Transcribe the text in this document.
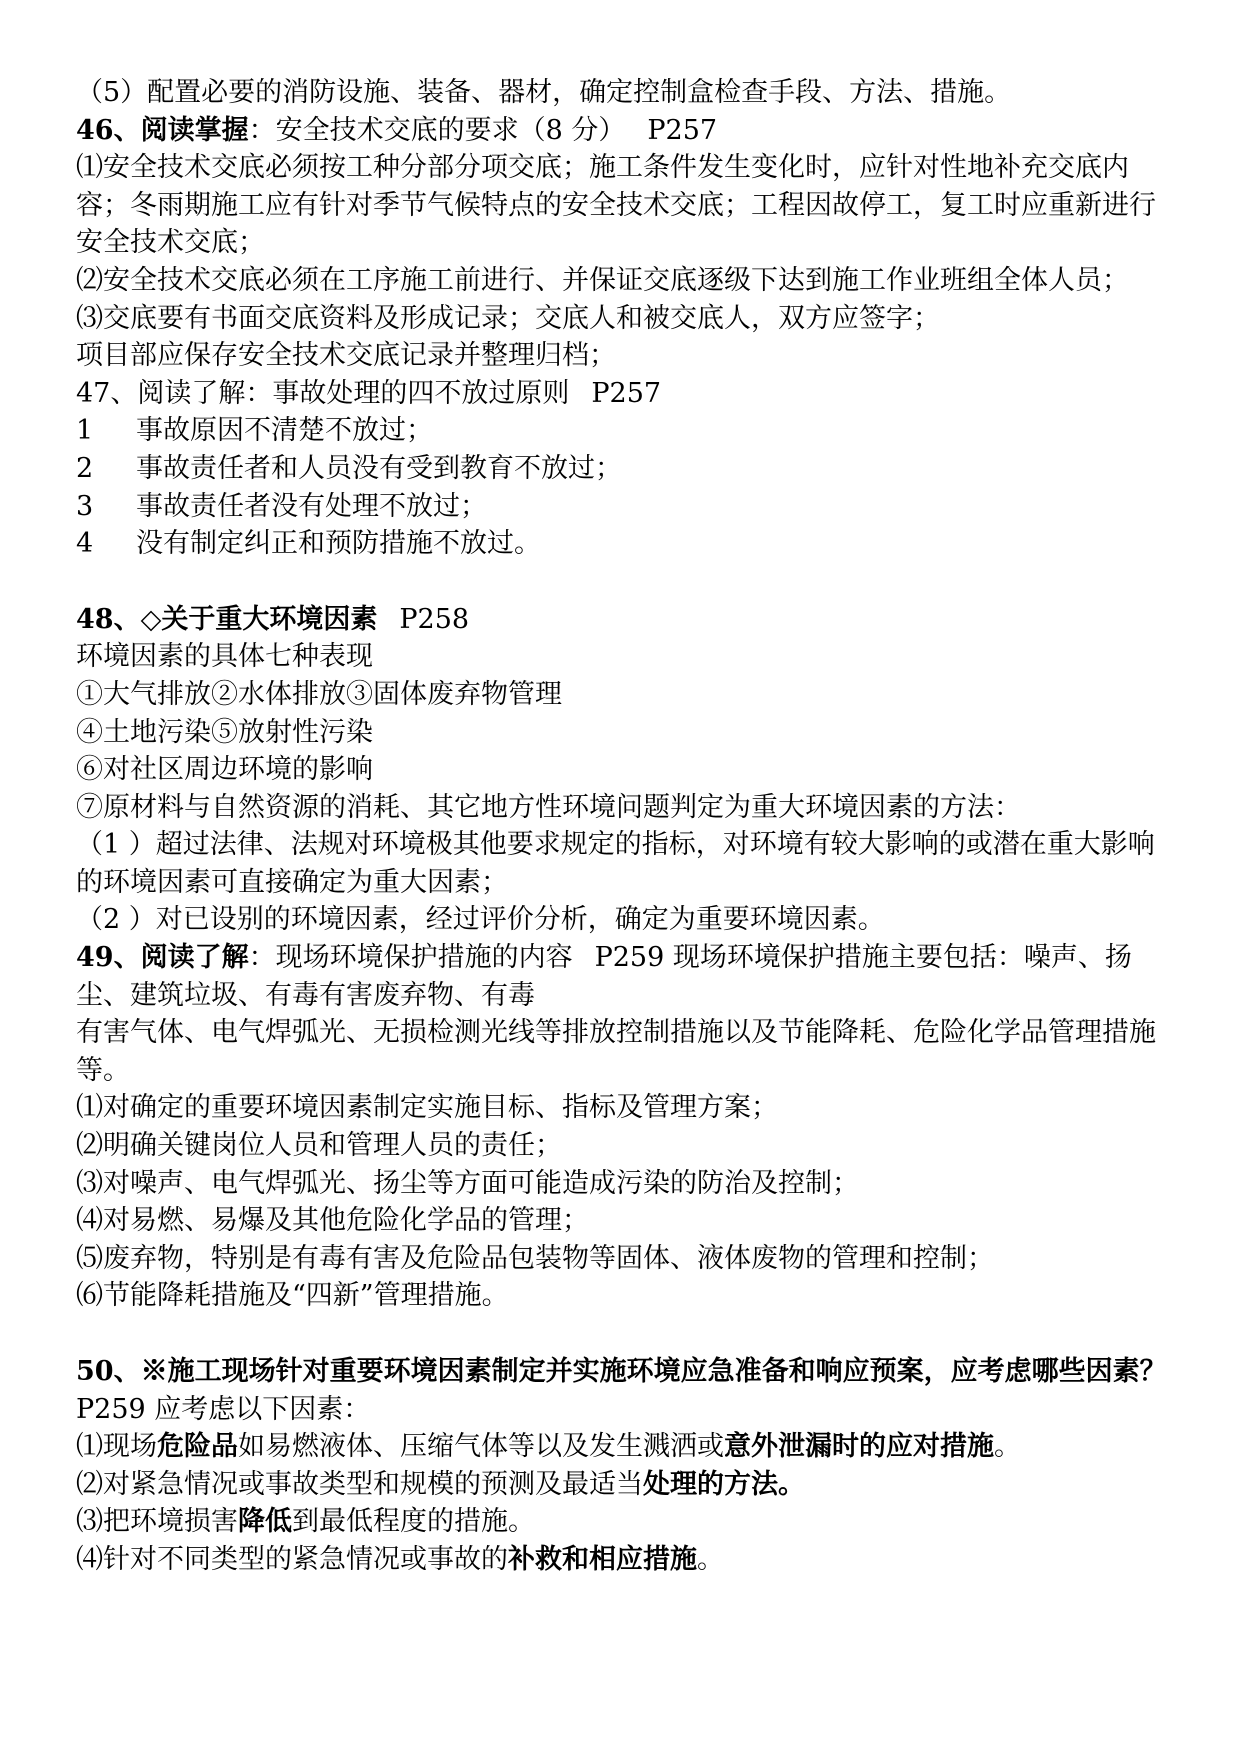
（5）配置必要的消防设施、装备、器材，确定控制盒检查手段、方法、措施。
46、阅读掌握：安全技术交底的要求（8 分） P257
⑴安全技术交底必须按工种分部分项交底；施工条件发生变化时，应针对性地补充交底内容；冬雨期施工应有针对季节气候特点的安全技术交底；工程因故停工，复工时应重新进行安全技术交底；
⑵安全技术交底必须在工序施工前进行、并保证交底逐级下达到施工作业班组全体人员；
⑶交底要有书面交底资料及形成记录；交底人和被交底人，双方应签字；
项目部应保存安全技术交底记录并整理归档；
47、阅读了解：事故处理的四不放过原则 P257
1 事故原因不清楚不放过；
2 事故责任者和人员没有受到教育不放过；
3 事故责任者没有处理不放过；
4 没有制定纠正和预防措施不放过。
48、◇关于重大环境因素 P258
环境因素的具体七种表现
①大气排放②水体排放③固体废弃物管理
④土地污染⑤放射性污染
⑥对社区周边环境的影响
⑦原材料与自然资源的消耗、其它地方性环境问题判定为重大环境因素的方法：
（1 ）超过法律、法规对环境极其他要求规定的指标，对环境有较大影响的或潜在重大影响的环境因素可直接确定为重大因素；
（2 ）对已设别的环境因素，经过评价分析，确定为重要环境因素。
49、阅读了解：现场环境保护措施的内容 P259 现场环境保护措施主要包括：噪声、扬尘、建筑垃圾、有毒有害废弃物、有毒
有害气体、电气焊弧光、无损检测光线等排放控制措施以及节能降耗、危险化学品管理措施等。
⑴对确定的重要环境因素制定实施目标、指标及管理方案；
⑵明确关键岗位人员和管理人员的责任；
⑶对噪声、电气焊弧光、扬尘等方面可能造成污染的防治及控制；
⑷对易燃、易爆及其他危险化学品的管理；
⑸废弃物，特别是有毒有害及危险品包装物等固体、液体废物的管理和控制；
⑹节能降耗措施及“四新”管理措施。
50、※施工现场针对重要环境因素制定并实施环境应急准备和响应预案，应考虑哪些因素？
P259 应考虑以下因素：
⑴现场危险品如易燃液体、压缩气体等以及发生溅洒或意外泄漏时的应对措施。
⑵对紧急情况或事故类型和规模的预测及最适当处理的方法。
⑶把环境损害降低到最低程度的措施。
⑷针对不同类型的紧急情况或事故的补救和相应措施。
